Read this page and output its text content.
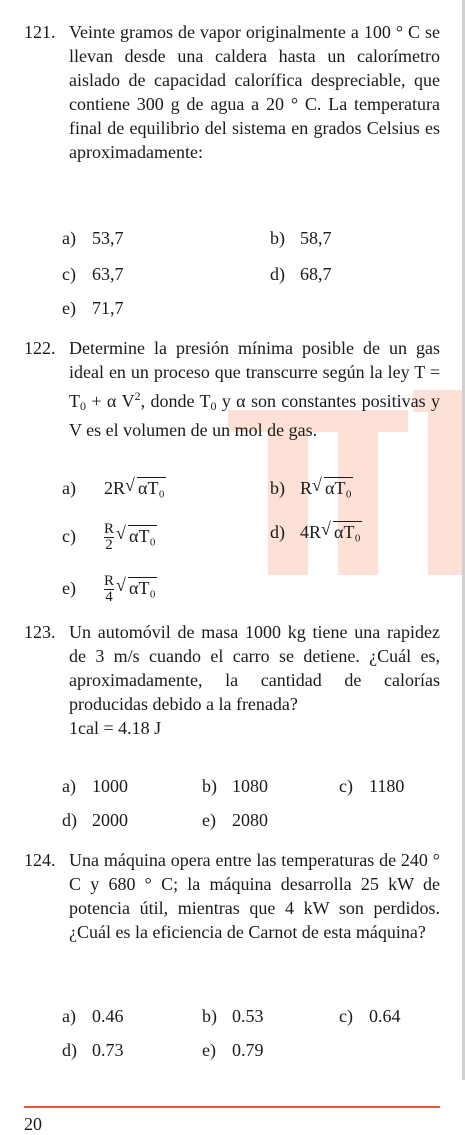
121. Veinte gramos de vapor originalmente a 100 ° C se llevan desde una caldera hasta un calorímetro aislado de capacidad calorífica despreciable, que contiene 300 g de agua a 20 ° C. La temperatura final de equilibrio del sistema en grados Celsius es aproximadamente:
a) 53,7	b) 58,7
c) 63,7	d) 68,7
e) 71,7
122. Determine la presión mínima posible de un gas ideal en un proceso que transcurre según la ley $T = T_0 + \alpha$ $V^2$, donde $T_0$ y α son constantes positivas y V es el volumen de un mol de gas.
a) 2R √ αT₀	b) R √ αT₀
$c) \frac{R}{2}$ √ αT₀	d) 4R √ αT₀
$e) \frac{R}{4}$ √ αT₀
123. Un automóvil de masa 1000 kg tiene una rapidez de 3 m/s cuando el carro se detiene. ¿Cuál es, aproximadamente, la cantidad de calorías producidas debido a la frenada?
1cal = 4.18 J
a) 1000	b) 1080	c) 1180
d) 2000	e) 2080
124. Una máquina opera entre las temperaturas de 240 ° C y 680 ° C; la máquina desarrolla 25 kW de potencia útil, mientras que 4 kW son perdidos. ¿Cuál es la eficiencia de Carnot de esta máquina?
a) 0.46	b) 0.53	c) 0.64
d) 0.73	e) 0.79
20
